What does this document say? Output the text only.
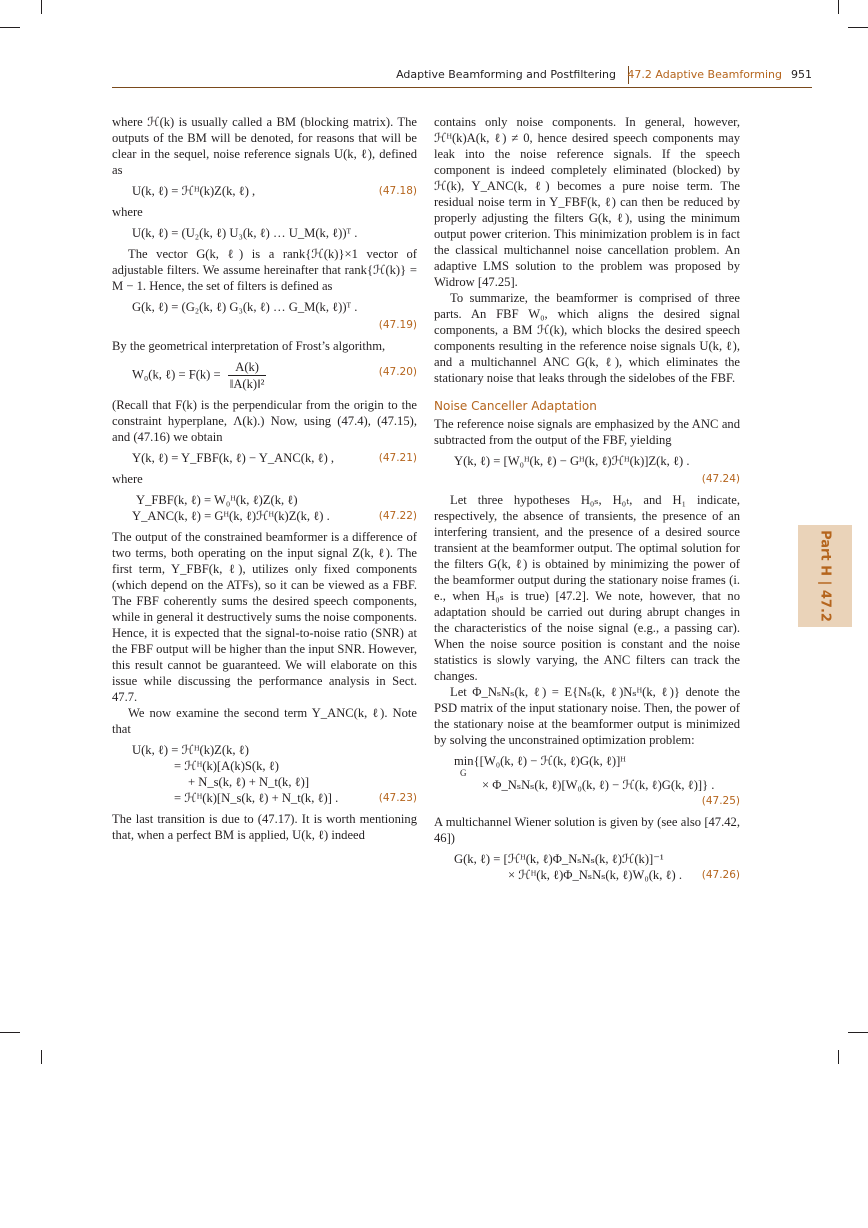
Adaptive Beamforming and Postfiltering 47.2 Adaptive Beamforming 951
Part H | 47.2

where ℋ(k) is usually called a BM (blocking matrix). The outputs of the BM will be denoted, for reasons that will be clear in the sequel, noise reference signals U(k, ℓ), defined as

U(k, ℓ) = ℋᴴ(k)Z(k, ℓ) ,	(47.18)

where

U(k, ℓ) = (U₂(k, ℓ) U₃(k, ℓ) … U_M(k, ℓ))ᵀ .

The vector G(k, ℓ) is a rank{ℋ(k)}×1 vector of adjustable filters. We assume hereinafter that rank{ℋ(k)} = M − 1. Hence, the set of filters is defined as

G(k, ℓ) = (G₂(k, ℓ) G₃(k, ℓ) … G_M(k, ℓ))ᵀ .
(47.19)

By the geometrical interpretation of Frost’s algorithm,

W₀(k, ℓ) = $F(k) = \frac{A(k)}{\text{‖A(k)‖²}}$	(47.20)

(Recall that F(k) is the perpendicular from the origin to the constraint hyperplane, Λ(k).) Now, using (47.4), (47.15), and (47.16) we obtain

Y(k, ℓ) = Y_FBF(k, ℓ) − Y_ANC(k, ℓ) ,	(47.21)

where

Y_FBF(k, ℓ) = W₀ᴴ(k, ℓ)Z(k, ℓ)
Y_ANC(k, ℓ) = Gᴴ(k, ℓ)ℋᴴ(k)Z(k, ℓ) .	(47.22)

The output of the constrained beamformer is a difference of two terms, both operating on the input signal Z(k, ℓ). The first term, Y_FBF(k, ℓ), utilizes only fixed components (which depend on the ATFs), so it can be viewed as a FBF. The FBF coherently sums the desired speech components, while in general it destructively sums the noise components. Hence, it is expected that the signal-to-noise ratio (SNR) at the FBF output will be higher than the input SNR. However, this result cannot be guaranteed. We will elaborate on this issue while discussing the performance analysis in Sect. 47.7.

We now examine the second term Y_ANC(k, ℓ). Note that

U(k, ℓ) = ℋᴴ(k)Z(k, ℓ)
= ℋᴴ(k)[A(k)S(k, ℓ)
+ N_s(k, ℓ) + N_t(k, ℓ)]
= ℋᴴ(k)[N_s(k, ℓ) + N_t(k, ℓ)] .	(47.23)

The last transition is due to (47.17). It is worth mentioning that, when a perfect BM is applied, U(k, ℓ) indeed

contains only noise components. In general, however, ℋᴴ(k)A(k, ℓ) ≠ 0, hence desired speech components may leak into the noise reference signals. If the speech component is indeed completely eliminated (blocked) by ℋ(k), Y_ANC(k, ℓ) becomes a pure noise term. The residual noise term in Y_FBF(k, ℓ) can then be reduced by properly adjusting the filters G(k, ℓ), using the minimum output power criterion. This minimization problem is in fact the classical multichannel noise cancellation problem. An adaptive LMS solution to the problem was proposed by Widrow [47.25].

To summarize, the beamformer is comprised of three parts. An FBF W₀, which aligns the desired signal components, a BM ℋ(k), which blocks the desired speech components resulting in the reference noise signals U(k, ℓ), and a multichannel ANC G(k, ℓ), which eliminates the stationary noise that leaks through the sidelobes of the FBF.

Noise Canceller Adaptation

The reference noise signals are emphasized by the ANC and subtracted from the output of the FBF, yielding

Y(k, ℓ) = [W₀ᴴ(k, ℓ) − Gᴴ(k, ℓ)ℋᴴ(k)]Z(k, ℓ) .
(47.24)

Let three hypotheses H₀ₛ, H₀ₜ, and H₁ indicate, respectively, the absence of transients, the presence of an interfering transient, and the presence of a desired source transient at the beamformer output. The optimal solution for the filters G(k, ℓ) is obtained by minimizing the power of the beamformer output during the stationary noise frames (i. e., when H₀ₛ is true) [47.2]. We note, however, that no adaptation should be carried out during abrupt changes in the characteristics of the noise signal (e.g., a passing car). When the noise source position is constant and the noise statistics is slowly varying, the ANC filters can track the changes.

Let Φ_NₛNₛ(k, ℓ) = E{Nₛ(k, ℓ)Nₛᴴ(k, ℓ)} denote the PSD matrix of the input stationary noise. Then, the power of the stationary noise at the beamformer output is minimized by solving the unconstrained optimization problem:

min{[W₀(k, ℓ) − ℋ(k, ℓ)G(k, ℓ)]ᴴ
G
× Φ_NₛNₛ(k, ℓ)[W₀(k, ℓ) − ℋ(k, ℓ)G(k, ℓ)]} .
(47.25)

A multichannel Wiener solution is given by (see also [47.42, 46])

G(k, ℓ) = [ℋᴴ(k, ℓ)Φ_NₛNₛ(k, ℓ)ℋ(k)]⁻¹
× ℋᴴ(k, ℓ)Φ_NₛNₛ(k, ℓ)W₀(k, ℓ) .	(47.26)
